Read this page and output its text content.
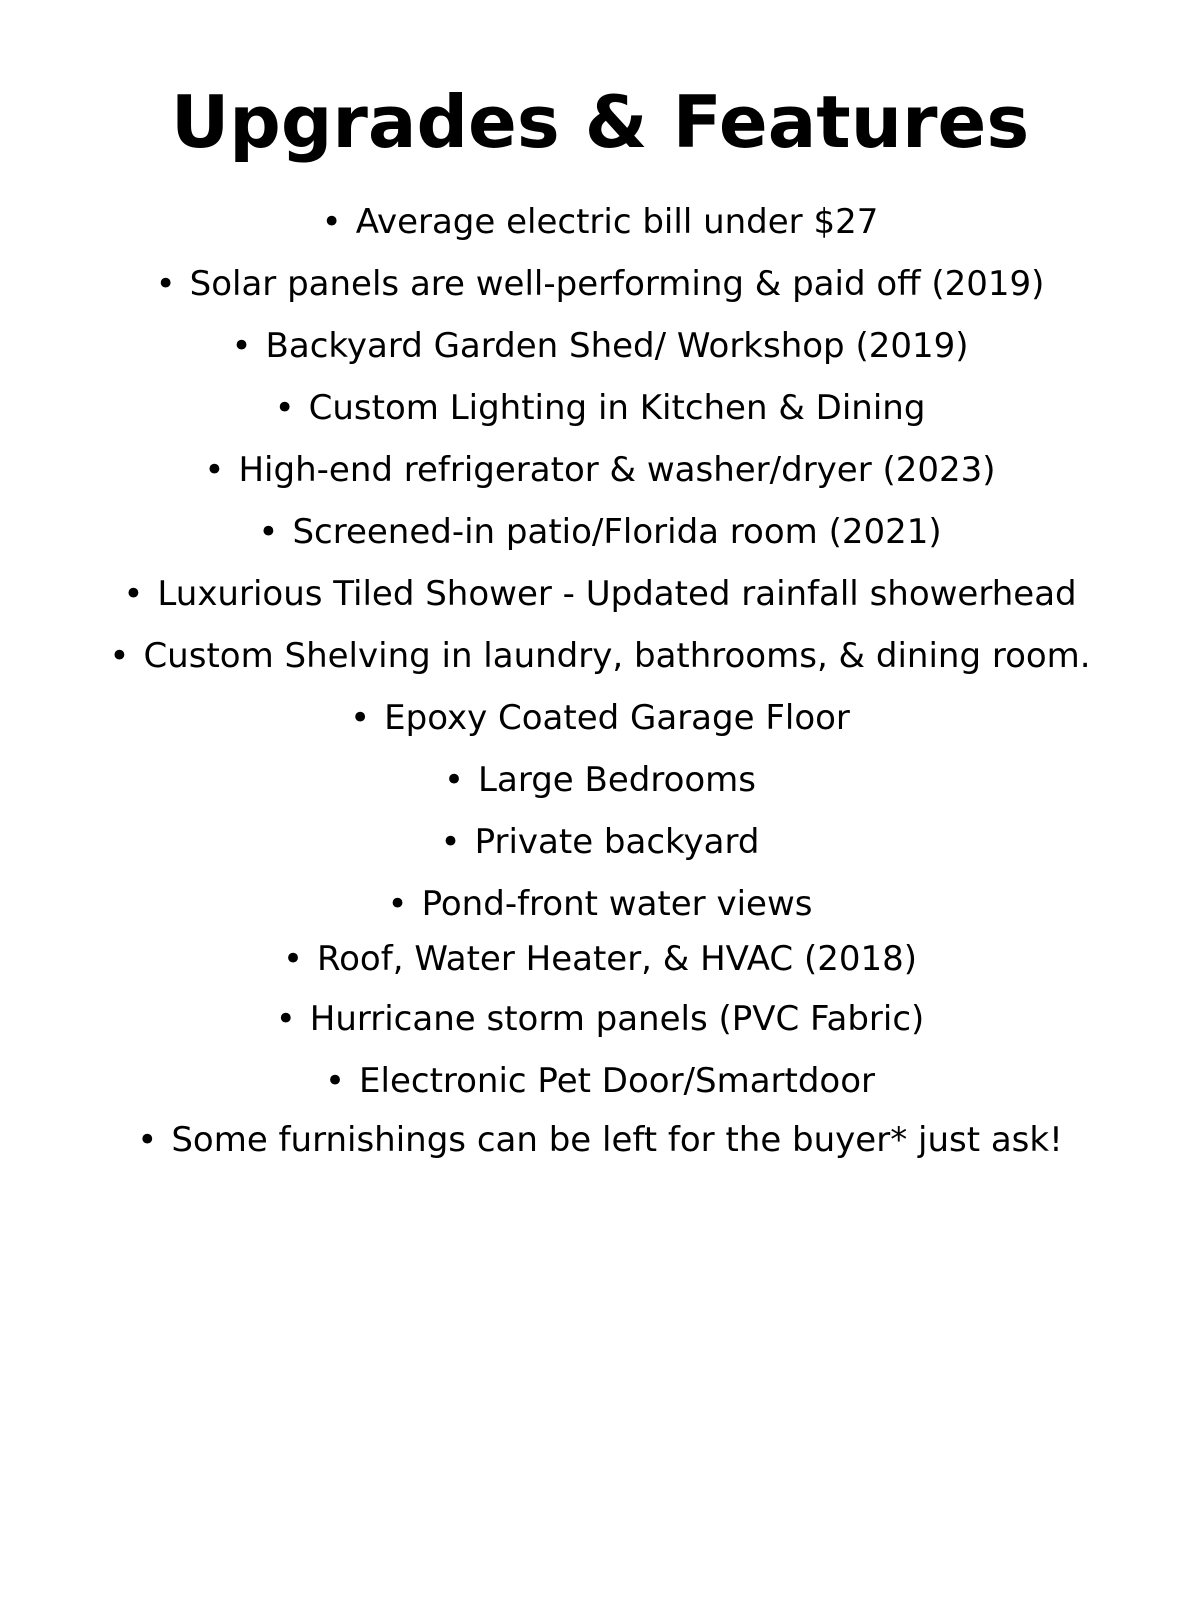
Upgrades & Features
• Average electric bill under $27
• Solar panels are well-performing & paid off (2019)
• Backyard Garden Shed/ Workshop (2019)
• Custom Lighting in Kitchen & Dining
• High-end refrigerator & washer/dryer (2023)
• Screened-in patio/Florida room (2021)
• Luxurious Tiled Shower - Updated rainfall showerhead
• Custom Shelving in laundry, bathrooms, & dining room.
• Epoxy Coated Garage Floor
• Large Bedrooms
• Private backyard
• Pond-front water views
• Roof, Water Heater, & HVAC (2018)
• Hurricane storm panels (PVC Fabric)
• Electronic Pet Door/Smartdoor
• Some furnishings can be left for the buyer* just ask!
